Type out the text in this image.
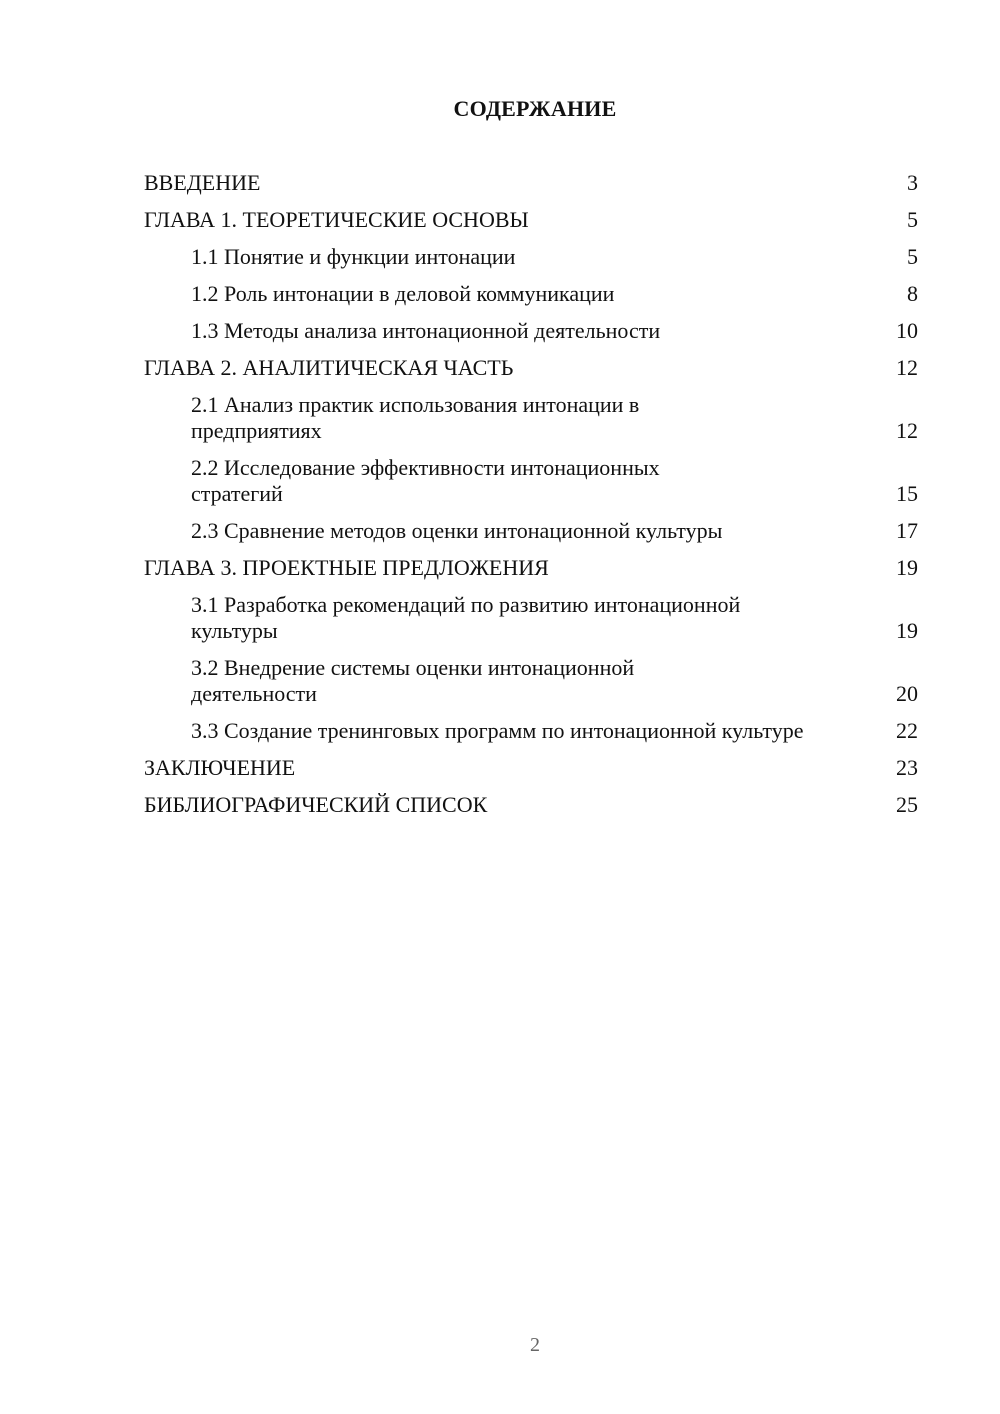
СОДЕРЖАНИЕ
ВВЕДЕНИЕ	3
ГЛАВА 1. ТЕОРЕТИЧЕСКИЕ ОСНОВЫ	5
1.1 Понятие и функции интонации	5
1.2 Роль интонации в деловой коммуникации	8
1.3 Методы анализа интонационной деятельности	10
ГЛАВА 2. АНАЛИТИЧЕСКАЯ ЧАСТЬ	12
2.1 Анализ практик использования интонации в предприятиях	12
2.2 Исследование эффективности интонационных стратегий	15
2.3 Сравнение методов оценки интонационной культуры	17
ГЛАВА 3. ПРОЕКТНЫЕ ПРЕДЛОЖЕНИЯ	19
3.1 Разработка рекомендаций по развитию интонационной культуры	19
3.2 Внедрение системы оценки интонационной деятельности	20
3.3 Создание тренинговых программ по интонационной культуре	22
ЗАКЛЮЧЕНИЕ	23
БИБЛИОГРАФИЧЕСКИЙ СПИСОК	25
2
